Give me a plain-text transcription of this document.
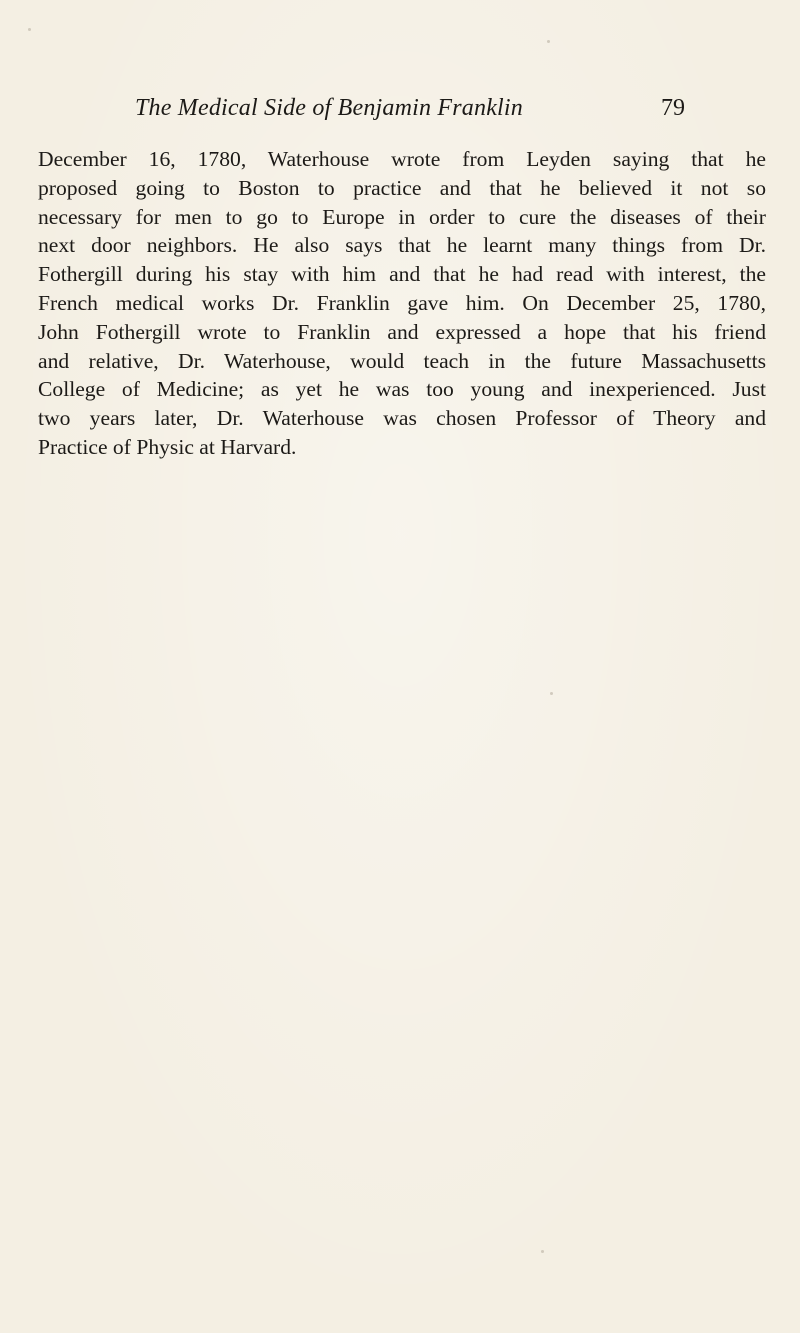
The Medical Side of Benjamin Franklin	79
December 16, 1780, Waterhouse wrote from Leyden saying that he
proposed going to Boston to practice and that he believed it not so
necessary for men to go to Europe in order to cure the diseases of their
next door neighbors. He also says that he learnt many things from Dr.
Fothergill during his stay with him and that he had read with interest, the
French medical works Dr. Franklin gave him. On December 25, 1780,
John Fothergill wrote to Franklin and expressed a hope that his friend
and relative, Dr. Waterhouse, would teach in the future Massachusetts
College of Medicine; as yet he was too young and inexperienced. Just
two years later, Dr. Waterhouse was chosen Professor of Theory and
Practice of Physic at Harvard.
